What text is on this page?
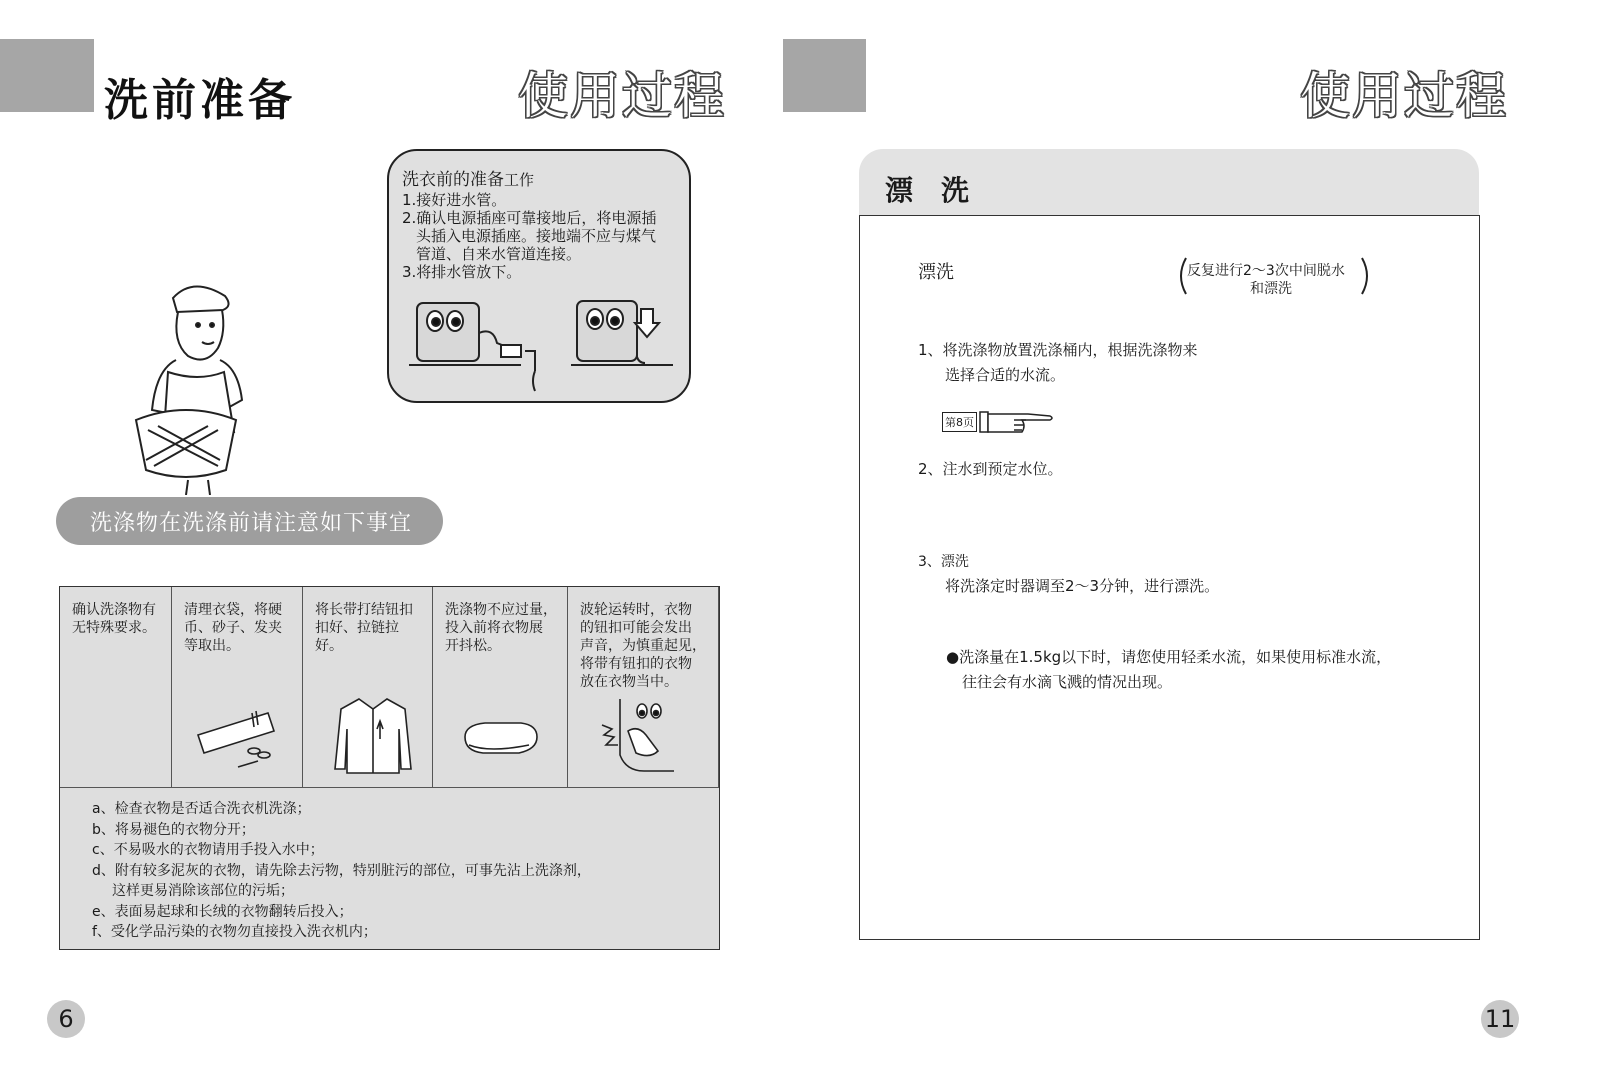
洗前准备	使用过程
洗衣前的准备工作
1.接好进水管。
2.确认电源插座可靠接地后，将电源插
头插入电源插座。接地端不应与煤气
管道、自来水管道连接。
3.将排水管放下。
洗涤物在洗涤前请注意如下事宜
确认洗涤物有
无特殊要求。
清理衣袋，将硬
币、砂子、发夹
等取出。
将长带打结钮扣
扣好、拉链拉好。
洗涤物不应过量，
投入前将衣物展
开抖松。
波轮运转时，衣物
的钮扣可能会发出
声音，为慎重起见，
将带有钮扣的衣物
放在衣物当中。
a、检查衣物是否适合洗衣机洗涤；
b、将易褪色的衣物分开；
c、不易吸水的衣物请用手投入水中；
d、附有较多泥灰的衣物，请先除去污物，特别脏污的部位，可事先沾上洗涤剂，
这样更易消除该部位的污垢；
e、表面易起球和长绒的衣物翻转后投入；
f、受化学品污染的衣物勿直接投入洗衣机内；
6
使用过程
漂　洗
漂洗	反复进行2～3次中间脱水
和漂洗
1、将洗涤物放置洗涤桶内，根据洗涤物来
选择合适的水流。
第8页
2、注水到预定水位。
3、漂洗
将洗涤定时器调至2～3分钟，进行漂洗。
●洗涤量在1.5kg以下时，请您使用轻柔水流，如果使用标准水流，
往往会有水滴飞溅的情况出现。
11
